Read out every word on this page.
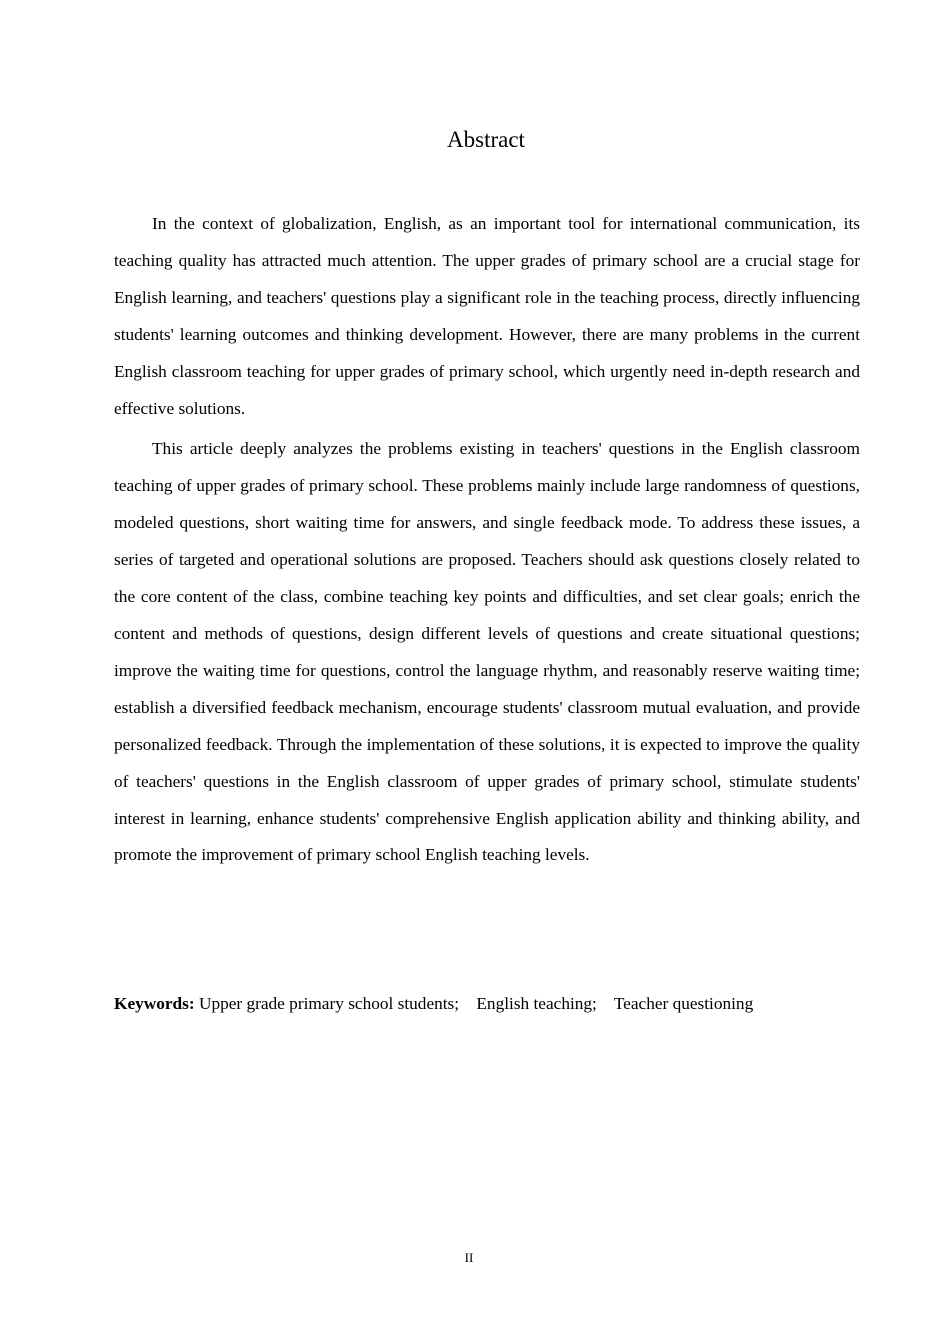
Abstract

In the context of globalization, English, as an important tool for international communication, its teaching quality has attracted much attention. The upper grades of primary school are a crucial stage for English learning, and teachers' questions play a significant role in the teaching process, directly influencing students' learning outcomes and thinking development. However, there are many problems in the current English classroom teaching for upper grades of primary school, which urgently need in-depth research and effective solutions.

This article deeply analyzes the problems existing in teachers' questions in the English classroom teaching of upper grades of primary school. These problems mainly include large randomness of questions, modeled questions, short waiting time for answers, and single feedback mode. To address these issues, a series of targeted and operational solutions are proposed. Teachers should ask questions closely related to the core content of the class, combine teaching key points and difficulties, and set clear goals; enrich the content and methods of questions, design different levels of questions and create situational questions; improve the waiting time for questions, control the language rhythm, and reasonably reserve waiting time; establish a diversified feedback mechanism, encourage students' classroom mutual evaluation, and provide personalized feedback. Through the implementation of these solutions, it is expected to improve the quality of teachers' questions in the English classroom of upper grades of primary school, stimulate students' interest in learning, enhance students' comprehensive English application ability and thinking ability, and promote the improvement of primary school English teaching levels.

Keywords: Upper grade primary school students; English teaching; Teacher questioning
II
